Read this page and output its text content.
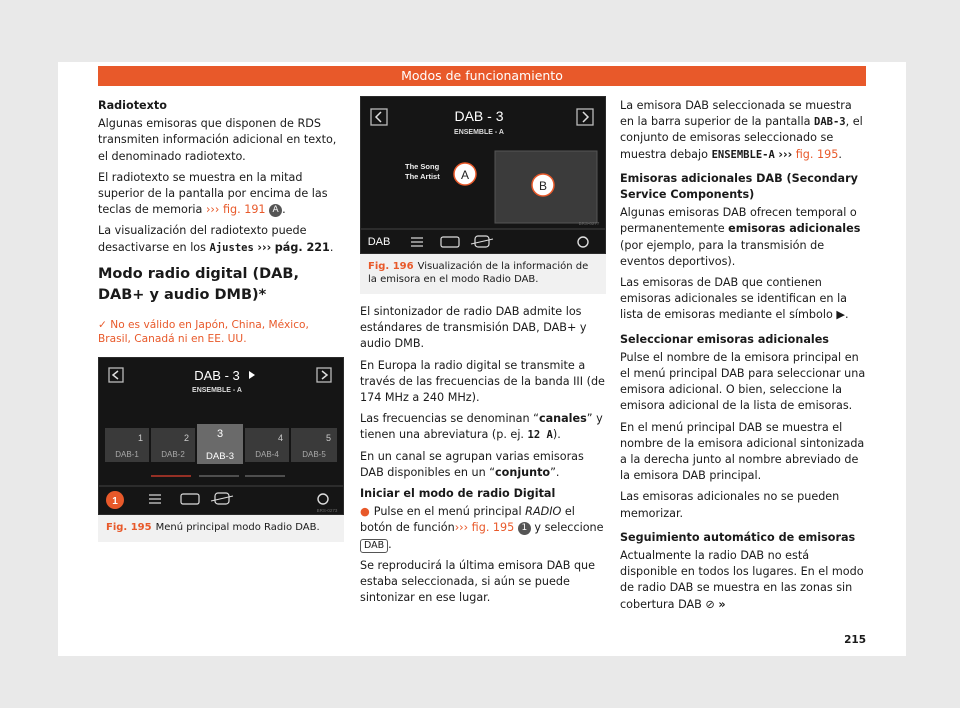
Modos de funcionamiento
Radiotexto

Algunas emisoras que disponen de RDS transmiten información adicional en texto, el denominado radiotexto.

El radiotexto se muestra en la mitad superior de la pantalla por encima de las teclas de memoria ››› fig. 191 A .

La visualización del radiotexto puede desactivarse en los Ajustes ››› pág. 221.

Modo radio digital (DAB, DAB+ y audio DMB)*
✓ No es válido en Japón, China, México, Brasil, Canadá ni en EE. UU.
DAB - 3
ENSEMBLE - A
1	2	3	4	5
DAB-1	DAB-2 DAB-3	DAB-4	DAB-5
1
BRS-0273
Fig. 195 Menú principal modo Radio DAB.
DAB - 3
ENSEMBLE - A
The Song
The Artist A
B
DAB
BRS-0277
Fig. 196 Visualización de la información de la emisora en el modo Radio DAB.

El sintonizador de radio DAB admite los estándares de transmisión DAB, DAB+ y audio DMB.

En Europa la radio digital se transmite a través de las frecuencias de la banda III (de 174 MHz a 240 MHz).

Las frecuencias se denominan “canales” y tienen una abreviatura (p. ej. 12 A).

En un canal se agrupan varias emisoras DAB disponibles en un “conjunto”.

Iniciar el modo de radio Digital

● Pulse en el menú principal RADIO el botón de función››› fig. 195 1 y seleccione DAB .

Se reproducirá la última emisora DAB que estaba seleccionada, si aún se puede sintonizar en ese lugar.

La emisora DAB seleccionada se muestra en la barra superior de la pantalla DAB-3, el conjunto de emisoras seleccionado se muestra debajo ENSEMBLE-A ››› fig. 195.

Emisoras adicionales DAB (Secondary Service Components)

Algunas emisoras DAB ofrecen temporal o permanentemente emisoras adicionales (por ejemplo, para la transmisión de eventos deportivos).

Las emisoras de DAB que contienen emisoras adicionales se identifican en la lista de emisoras mediante el símbolo ▶.

Seleccionar emisoras adicionales

Pulse el nombre de la emisora principal en el menú principal DAB para seleccionar una emisora adicional. O bien, seleccione la emisora adicional de la lista de emisoras.

En el menú principal DAB se muestra el nombre de la emisora adicional sintonizada a la derecha junto al nombre abreviado de la emisora DAB principal.

Las emisoras adicionales no se pueden memorizar.

Seguimiento automático de emisoras

Actualmente la radio DAB no está disponible en todos los lugares. En el modo de radio DAB se muestra en las zonas sin cobertura DAB ⊘ »

215
